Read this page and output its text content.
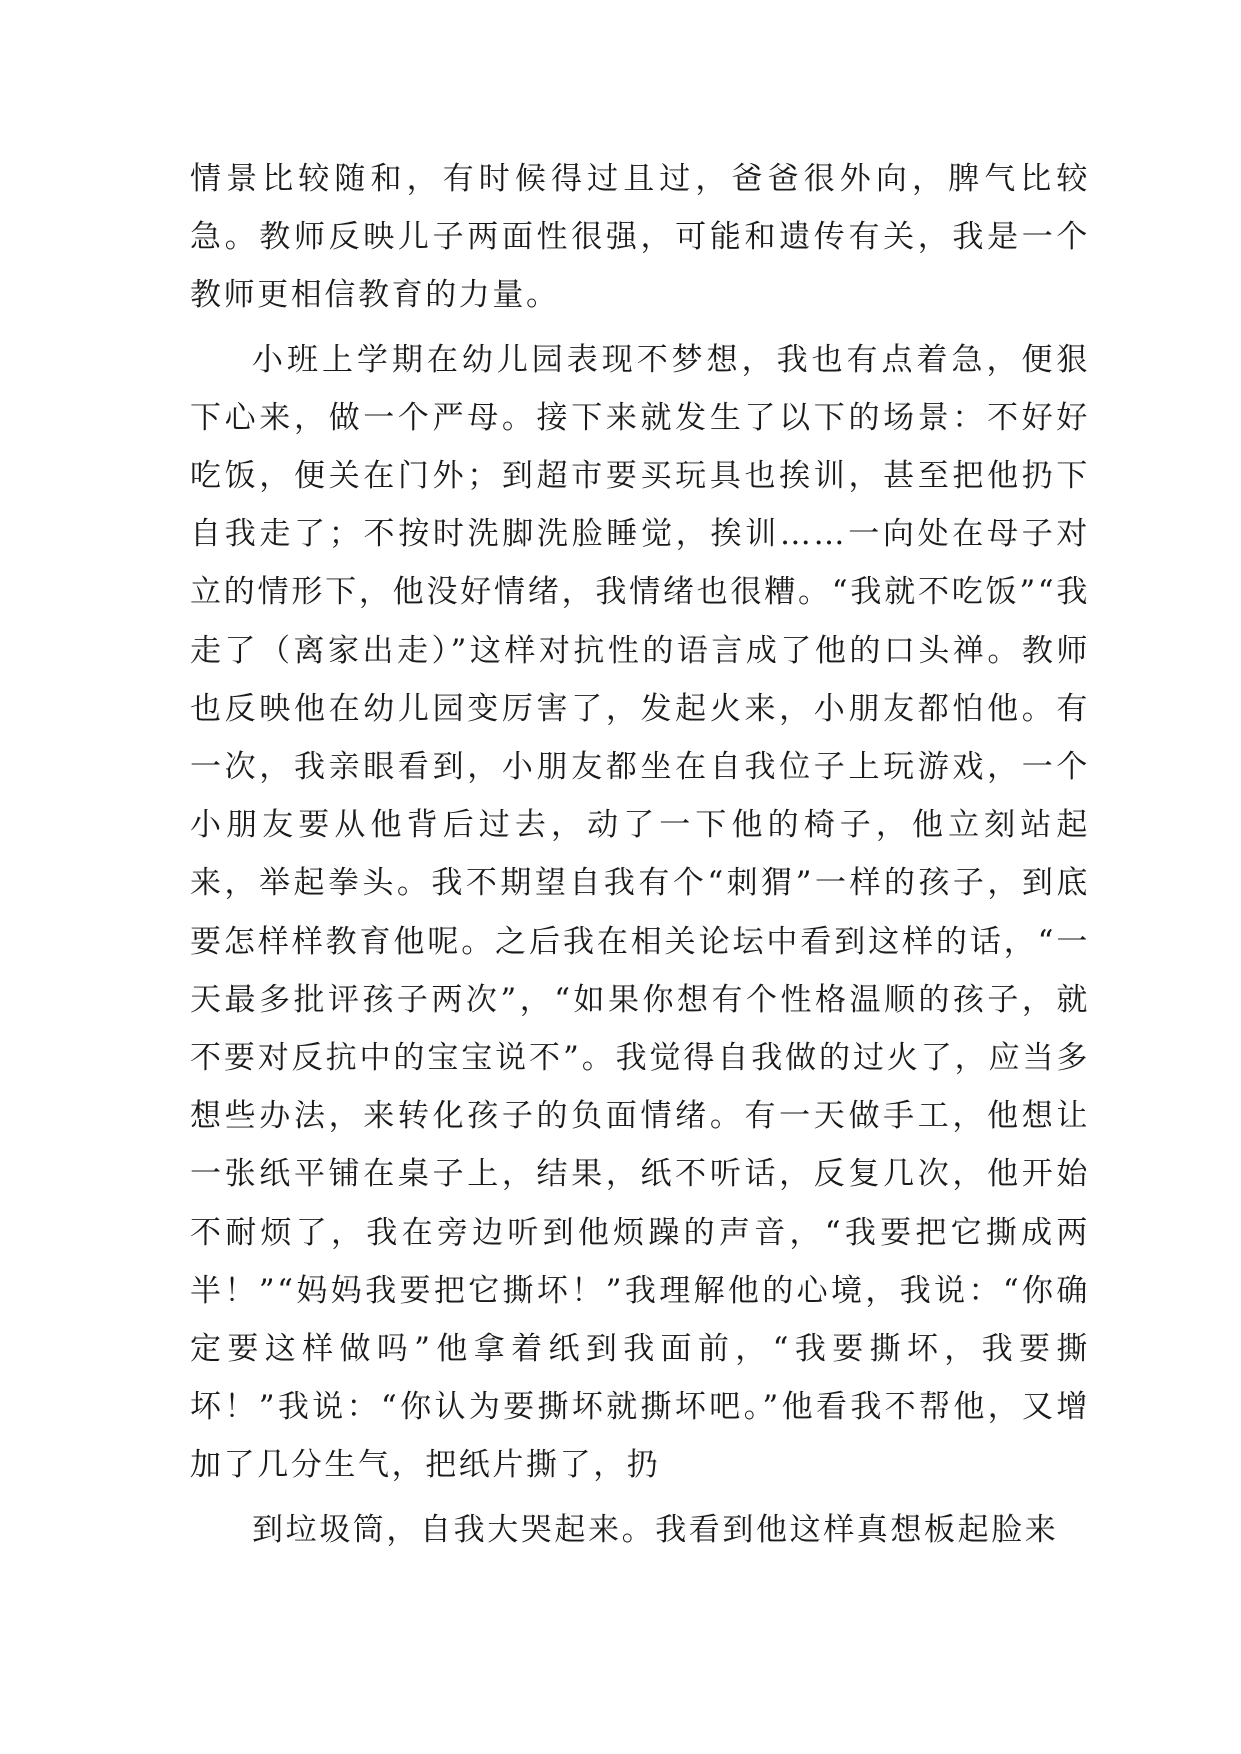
情景比较随和，有时候得过且过，爸爸很外向，脾气比较急。教师反映儿子两面性很强，可能和遗传有关，我是一个教师更相信教育的力量。

小班上学期在幼儿园表现不梦想，我也有点着急，便狠下心来，做一个严母。接下来就发生了以下的场景：不好好吃饭，便关在门外；到超市要买玩具也挨训，甚至把他扔下自我走了；不按时洗脚洗脸睡觉，挨训……一向处在母子对立的情形下，他没好情绪，我情绪也很糟。“我就不吃饭”“我走了（离家出走）”这样对抗性的语言成了他的口头禅。教师也反映他在幼儿园变厉害了，发起火来，小朋友都怕他。有一次，我亲眼看到，小朋友都坐在自我位子上玩游戏，一个小朋友要从他背后过去，动了一下他的椅子，他立刻站起来，举起拳头。我不期望自我有个“刺猬”一样的孩子，到底要怎样样教育他呢。之后我在相关论坛中看到这样的话，“一天最多批评孩子两次”，“如果你想有个性格温顺的孩子，就不要对反抗中的宝宝说不”。我觉得自我做的过火了，应当多想些办法，来转化孩子的负面情绪。有一天做手工，他想让一张纸平铺在桌子上，结果，纸不听话，反复几次，他开始不耐烦了，我在旁边听到他烦躁的声音，“我要把它撕成两半！”“妈妈我要把它撕坏！”我理解他的心境，我说：“你确定要这样做吗”他拿着纸到我面前，“我要撕坏，我要撕坏！”我说：“你认为要撕坏就撕坏吧。”他看我不帮他，又增加了几分生气，把纸片撕了，扔

到垃圾筒，自我大哭起来。我看到他这样真想板起脸来
